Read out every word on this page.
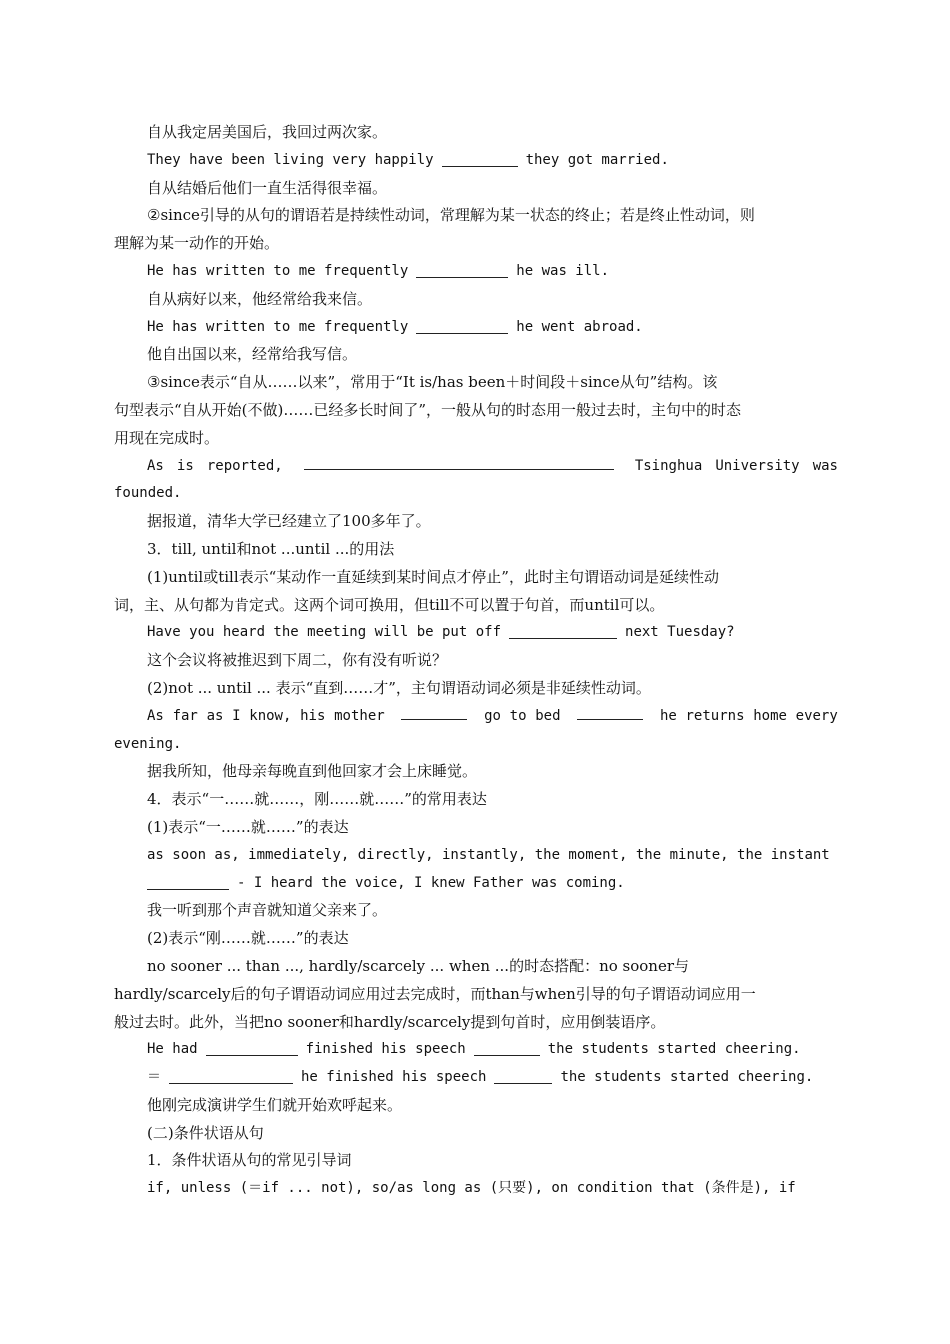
自从我定居美国后，我回过两次家。
They have been living very happily	they got married.
自从结婚后他们一直生活得很幸福。
②since引导的从句的谓语若是持续性动词，常理解为某一状态的终止；若是终止性动词，则
理解为某一动作的开始。
He has written to me frequently	he was ill.
自从病好以来，他经常给我来信。
He has written to me frequently	he went abroad.
他自出国以来，经常给我写信。
③since表示“自从……以来”，常用于“It is/has been＋时间段＋since从句”结构。该
句型表示“自从开始(不做)……已经多长时间了”，一般从句的时态用一般过去时，主句中的时态
用现在完成时。
As is reported,	Tsinghua University was
founded.
据报道，清华大学已经建立了100多年了。
3．till, until和not ...until ...的用法
(1)until或till表示“某动作一直延续到某时间点才停止”，此时主句谓语动词是延续性动
词，主、从句都为肯定式。这两个词可换用，但till不可以置于句首，而until可以。
Have you heard the meeting will be put off	next Tuesday?
这个会议将被推迟到下周二，你有没有听说？
(2)not ... until ... 表示“直到……才”，主句谓语动词必须是非延续性动词。
As far as I know, his mother	go to bed	he returns home every
evening.
据我所知，他母亲每晚直到他回家才会上床睡觉。
4．表示“一……就……，刚……就……”的常用表达
(1)表示“一……就……”的表达
as soon as, immediately, directly, instantly, the moment, the minute, the instant
- I heard the voice, I knew Father was coming.
我一听到那个声音就知道父亲来了。
(2)表示“刚……就……”的表达
no sooner ... than ..., hardly/scarcely ... when ...的时态搭配：no sooner与
hardly/scarcely后的句子谓语动词应用过去完成时，而than与when引导的句子谓语动词应用一
般过去时。此外，当把no sooner和hardly/scarcely提到句首时，应用倒装语序。
He had	finished his speech	the students started cheering.
＝	he finished his speech	the students started cheering.
他刚完成演讲学生们就开始欢呼起来。
(二)条件状语从句
1．条件状语从句的常见引导词
if, unless (＝if ... not), so/as long as (只要), on condition that (条件是), if
